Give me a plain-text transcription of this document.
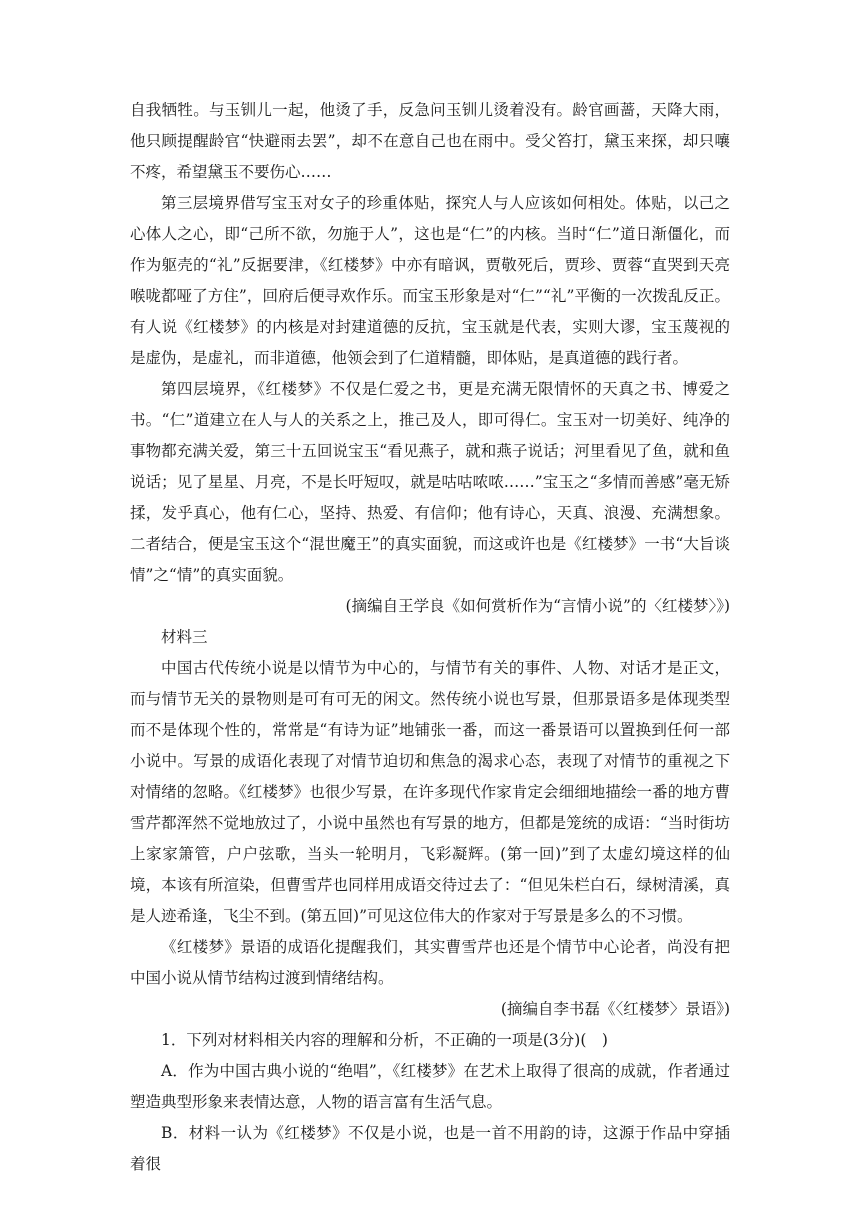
自我牺牲。与玉钏儿一起，他烫了手，反急问玉钏儿烫着没有。龄官画蔷，天降大雨，他只顾提醒龄官“快避雨去罢”，却不在意自己也在雨中。受父笞打，黛玉来探，却只嚷不疼，希望黛玉不要伤心……

第三层境界借写宝玉对女子的珍重体贴，探究人与人应该如何相处。体贴，以己之心体人之心，即“己所不欲，勿施于人”，这也是“仁”的内核。当时“仁”道日渐僵化，而作为躯壳的“礼”反据要津，《红楼梦》中亦有暗讽，贾敬死后，贾珍、贾蓉“直哭到天亮喉咙都哑了方住”，回府后便寻欢作乐。而宝玉形象是对“仁”“礼”平衡的一次拨乱反正。有人说《红楼梦》的内核是对封建道德的反抗，宝玉就是代表，实则大谬，宝玉蔑视的是虚伪，是虚礼，而非道德，他领会到了仁道精髓，即体贴，是真道德的践行者。

第四层境界，《红楼梦》不仅是仁爱之书，更是充满无限情怀的天真之书、博爱之书。“仁”道建立在人与人的关系之上，推己及人，即可得仁。宝玉对一切美好、纯净的事物都充满关爱，第三十五回说宝玉“看见燕子，就和燕子说话；河里看见了鱼，就和鱼说话；见了星星、月亮，不是长吁短叹，就是咕咕哝哝……”宝玉之“多情而善感”毫无矫揉，发乎真心，他有仁心，坚持、热爱、有信仰；他有诗心，天真、浪漫、充满想象。二者结合，便是宝玉这个“混世魔王”的真实面貌，而这或许也是《红楼梦》一书“大旨谈情”之“情”的真实面貌。

(摘编自王学良《如何赏析作为“言情小说”的〈红楼梦〉》)

材料三

中国古代传统小说是以情节为中心的，与情节有关的事件、人物、对话才是正文，而与情节无关的景物则是可有可无的闲文。然传统小说也写景，但那景语多是体现类型而不是体现个性的，常常是“有诗为证”地铺张一番，而这一番景语可以置换到任何一部小说中。写景的成语化表现了对情节迫切和焦急的渴求心态，表现了对情节的重视之下对情绪的忽略。《红楼梦》也很少写景，在许多现代作家肯定会细细地描绘一番的地方曹雪芹都浑然不觉地放过了，小说中虽然也有写景的地方，但都是笼统的成语：“当时街坊上家家箫管，户户弦歌，当头一轮明月，飞彩凝辉。(第一回)”到了太虚幻境这样的仙境，本该有所渲染，但曹雪芹也同样用成语交待过去了：“但见朱栏白石，绿树清溪，真是人迹希逢，飞尘不到。(第五回)”可见这位伟大的作家对于写景是多么的不习惯。

《红楼梦》景语的成语化提醒我们，其实曹雪芹也还是个情节中心论者，尚没有把中国小说从情节结构过渡到情绪结构。

(摘编自李书磊《〈红楼梦〉景语》)

1．下列对材料相关内容的理解和分析，不正确的一项是(3分)(　)

A．作为中国古典小说的“绝唱”，《红楼梦》在艺术上取得了很高的成就，作者通过塑造典型形象来表情达意，人物的语言富有生活气息。

B．材料一认为《红楼梦》不仅是小说，也是一首不用韵的诗，这源于作品中穿插着很
